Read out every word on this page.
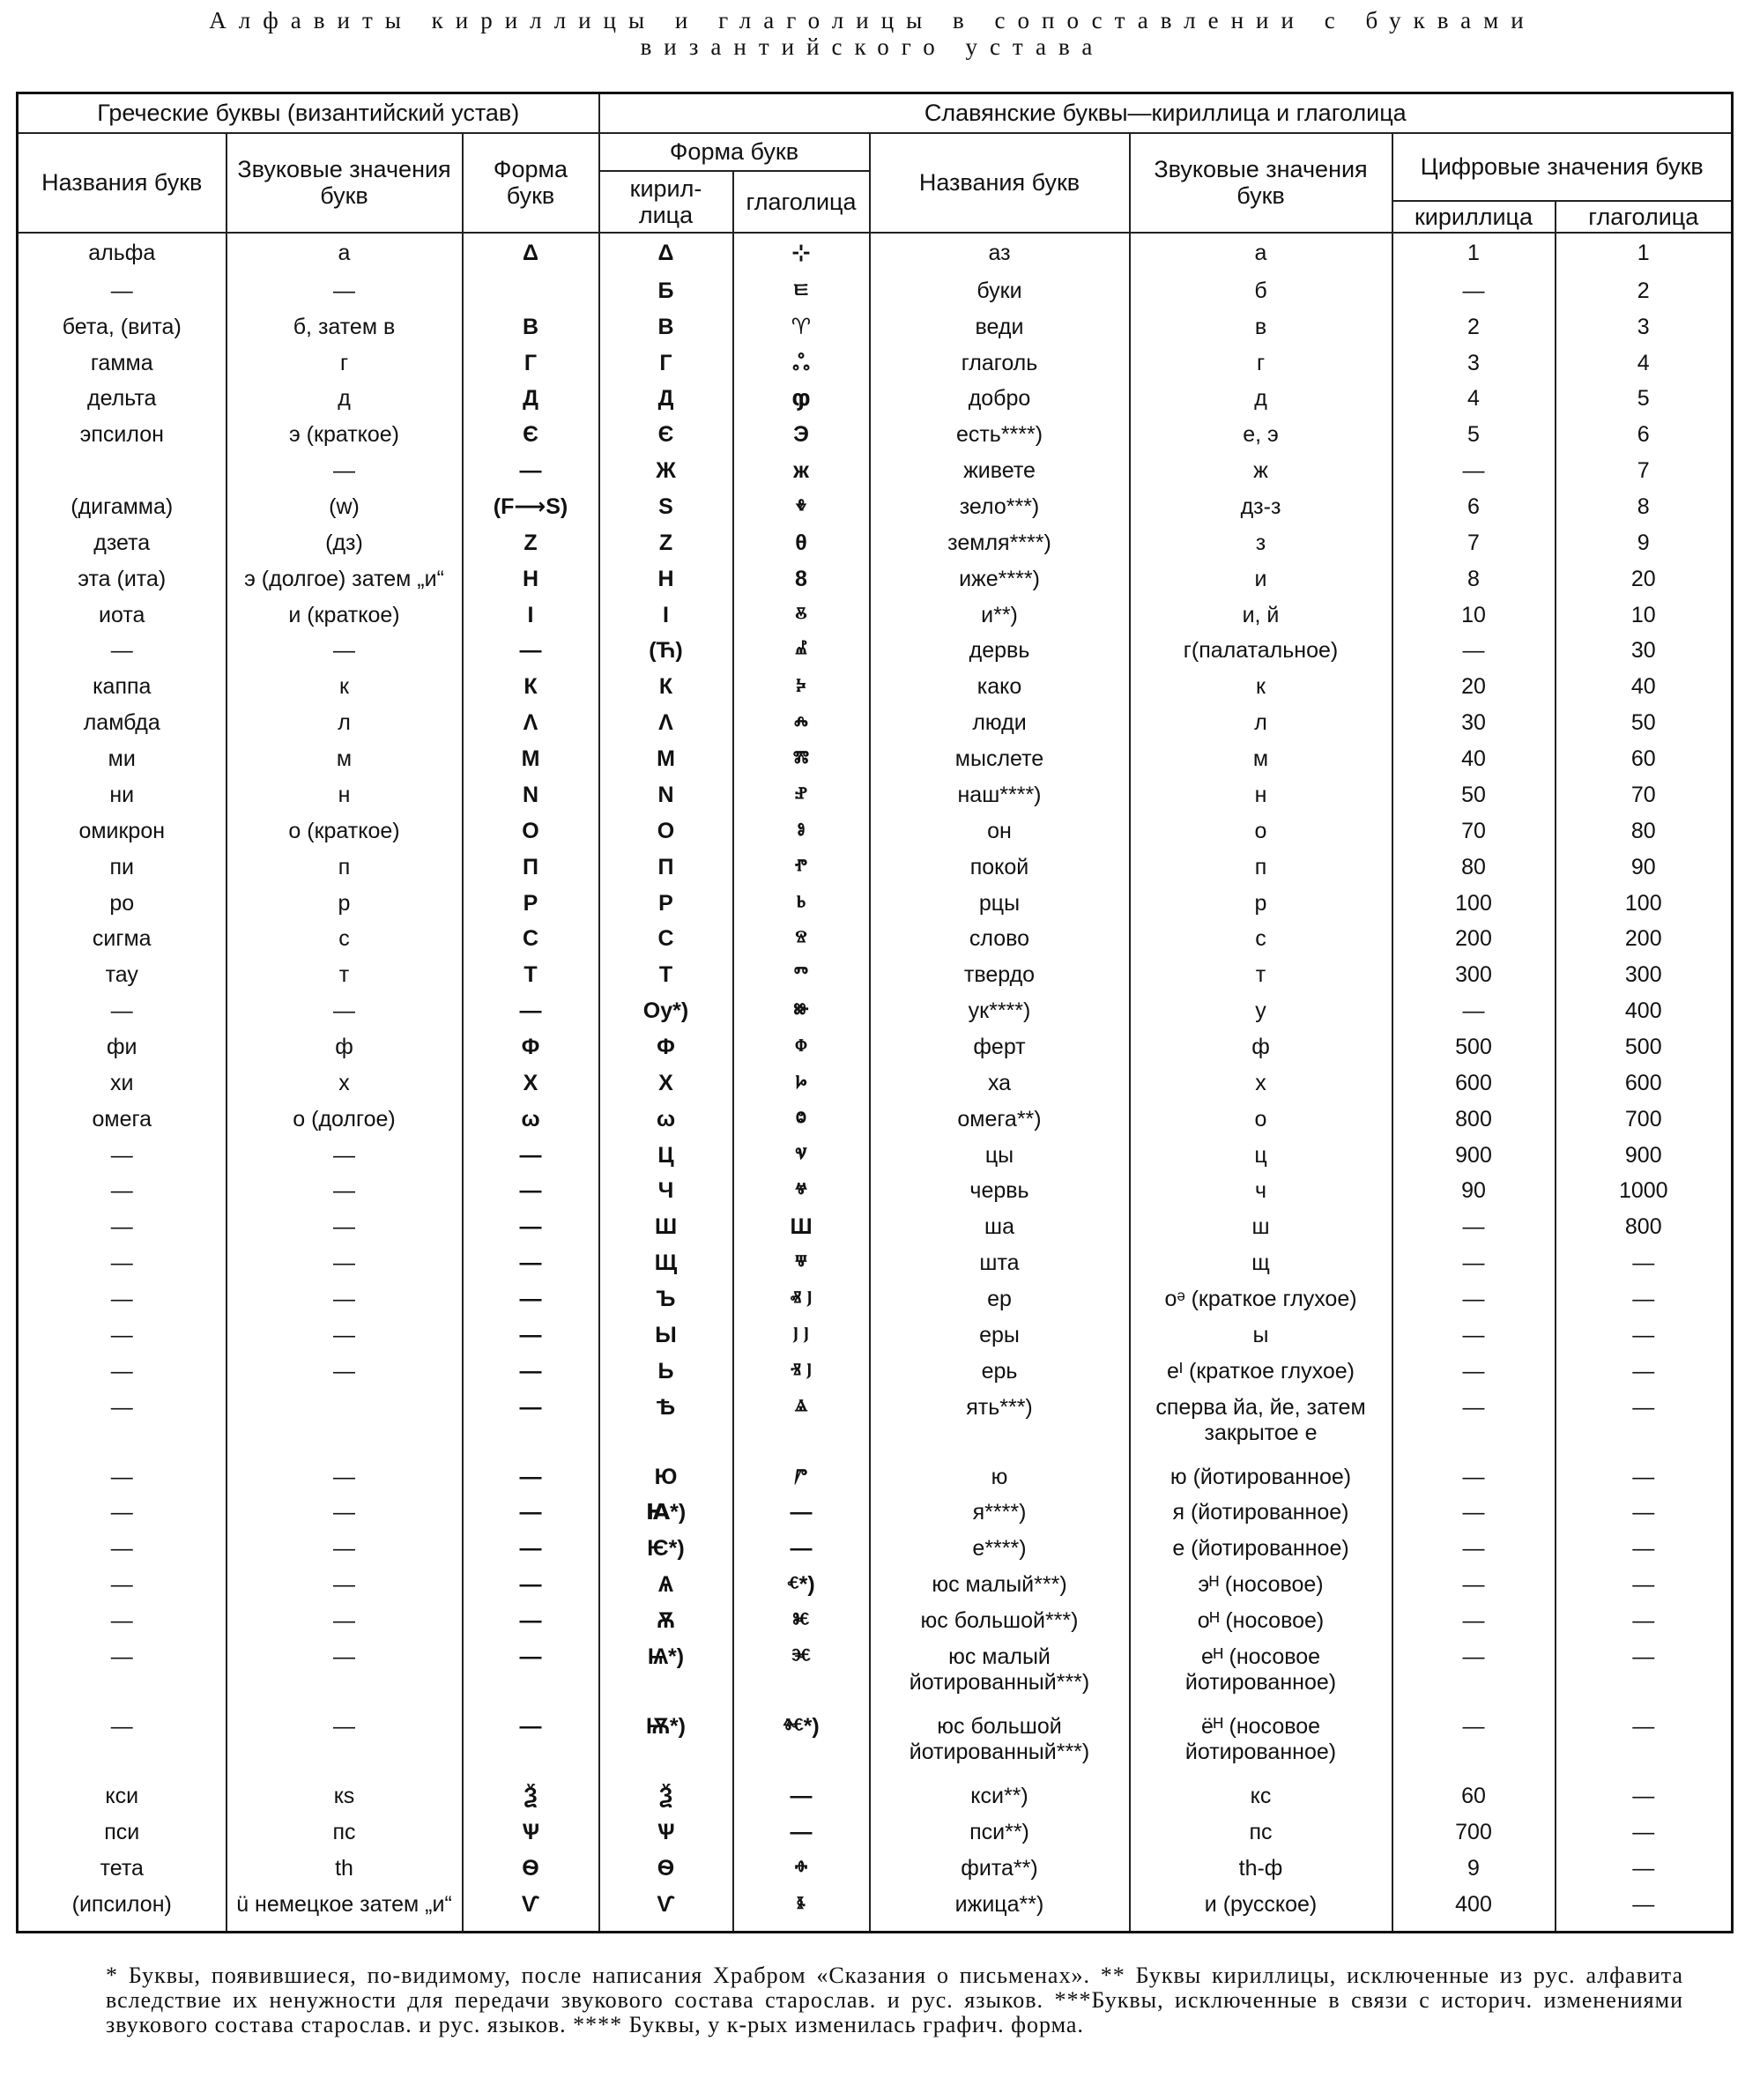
Алфавиты кириллицы и глаголицы в сопоставлении с буквами
византийского устава
Греческие буквы (византийский устав)			Славянские буквы—кириллица и глаголица					
Названия букв	Звуковые значения букв	Форма букв	Форма букв		Названия букв	Звуковые значения букв	Цифровые значения букв	
			кирил-лица	глаголица				
							кириллица	глаголица
альфа	а	Δ	Δ	⊹	аз	а	1	1
—	—		Б	ㅌ	буки	б	—	2
бета, (вита)	б, затем в	В	В	♈	веди	в	2	3
гамма	г	Г	Г	ஃ	глаголь	г	3	4
дельта	д	Д	Д	ჶ	добро	д	4	5
эпсилон	э (краткое)	Є	Є	Э	есть****)	е, э	5	6
	—	—	Ж	ж	живете	ж	—	7
(дигамма)	(w)	(F⟶S)	S	ⰷ	зело***)	дз-з	6	8
дзета	(дз)	Z	Ζ	θ	земля****)	з	7	9
эта (ита)	э (долгое) затем „и“	Н	Н	8	иже****)	и	8	20
иота	и (краткое)	I	I	ⰻ	и**)	и, й	10	10
—	—	—	(Ћ)	ⰼ	дервь	г(палатальное)	—	30
каппа	к	К	К	ⰽ	како	к	20	40
ламбда	л	Λ	Λ	ⰾ	люди	л	30	50
ми	м	М	М	ⰿ	мыслете	м	40	60
ни	н	N	N	ⱀ	наш****)	н	50	70
омикрон	о (краткое)	О	О	ⱁ	он	о	70	80
пи	п	П	П	ⱂ	покой	п	80	90
ро	р	Р	Р	ⱃ	рцы	р	100	100
сигма	с	С	С	ⱄ	слово	с	200	200
тау	т	Т	Т	ⱅ	твердо	т	300	300
—	—	—	Оу*)	ⱆ	ук****)	у	—	400
фи	ф	Φ	Φ	ⱇ	ферт	ф	500	500
хи	х	Χ	Χ	ⱈ	ха	х	600	600
омега	о (долгое)	ω	ω	ⱉ	омега**)	о	800	700
—	—	—	Ц	ⱌ	цы	ц	900	900
—	—	—	Ч	ⱍ	червь	ч	90	1000
—	—	—	Ш	Ш	ша	ш	—	800
—	—	—	Щ	ⱋ	шта	щ	—	—
—	—	—	Ъ	ⱏ ⱜ	ер	оᵊ (краткое глухое)	—	—
—	—	—	Ы	ⱜ ⱜ	еры	ы	—	—
—	—	—	Ь	ⱐ ⱜ	ерь	еᴵ (краткое глухое)	—	—
—		—	Ѣ	ⱑ	ять***)	сперва йа, йе, затем закрытое е	—	—
—	—	—	Ю	ⱓ	ю	ю (йотированное)	—	—
—	—	—	Ꙗ*)	—	я****)	я (йотированное)	—	—
—	—	—	Ѥ*)	—	е****)	е (йотированное)	—	—
—	—	—	Ѧ	ⱔ*)	юс малый***)	эᴴ (носовое)	—	—
—	—	—	Ѫ	ⱘ	юс большой***)	оᴴ (носовое)	—	—
—	—	—	Ѩ*)	ⱗ	юс малый йотированный***)	еᴴ (носовое йотированное)	—	—
—	—	—	Ѭ*)	ⱙ*)	юс большой йотированный***)	ёᴴ (носовое йотированное)	—	—
кси	кs	Ѯ	Ѯ	—	кси**)	кс	60	—
пси	пс	Ѱ	Ѱ	—	пси**)	пс	700	—
тета	th	Ѳ	Ѳ	ⱚ	фита**)	th-ф	9	—
(ипсилон)	ü немецкое затем „и“	Ѵ	Ѵ	ⱛ	ижица**)	и (русское)	400	—
* Буквы, появившиеся, по-видимому, после написания Храбром «Сказания о письменах». ** Буквы кириллицы, исключенные из рус. алфавита вследствие их ненужности для передачи звукового состава старослав. и рус. языков. ***Буквы, исключенные в связи с историч. изменениями звукового состава старослав. и рус. языков. **** Буквы, у к-рых изменилась графич. форма.
